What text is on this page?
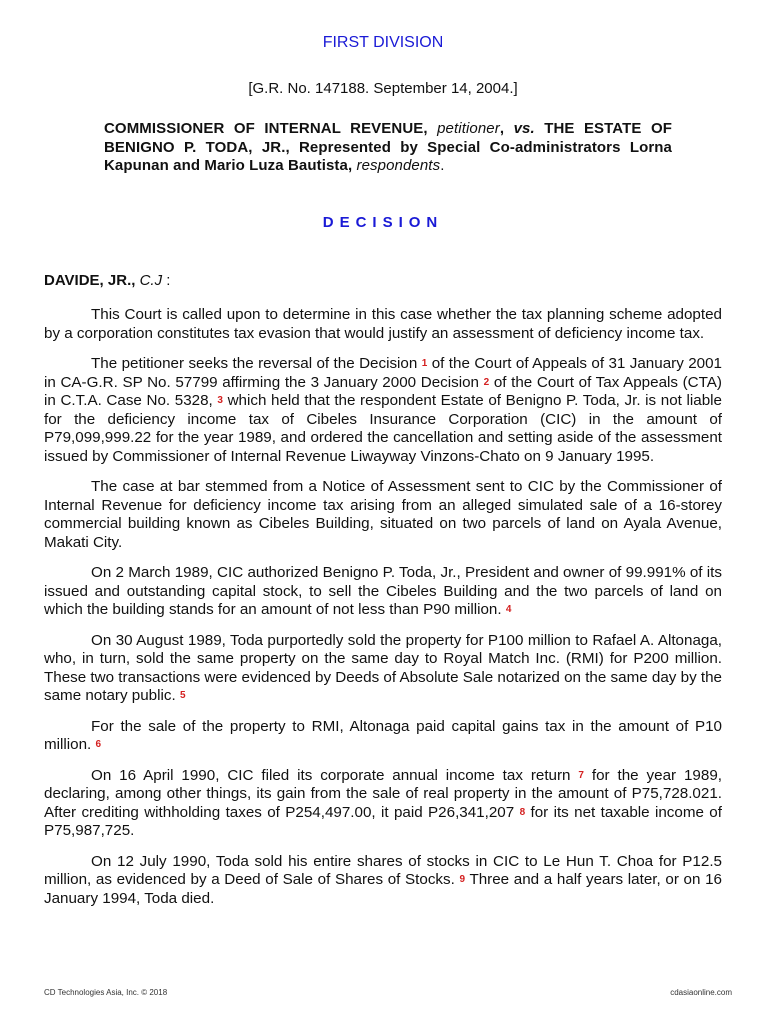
FIRST DIVISION
[G.R. No. 147188. September 14, 2004.]
COMMISSIONER OF INTERNAL REVENUE, petitioner, vs. THE ESTATE OF BENIGNO P. TODA, JR., Represented by Special Co-administrators Lorna Kapunan and Mario Luza Bautista, respondents.
DECISION
DAVIDE, JR., C.J :

This Court is called upon to determine in this case whether the tax planning scheme adopted by a corporation constitutes tax evasion that would justify an assessment of deficiency income tax.

The petitioner seeks the reversal of the Decision 1 of the Court of Appeals of 31 January 2001 in CA-G.R. SP No. 57799 affirming the 3 January 2000 Decision 2 of the Court of Tax Appeals (CTA) in C.T.A. Case No. 5328, 3 which held that the respondent Estate of Benigno P. Toda, Jr. is not liable for the deficiency income tax of Cibeles Insurance Corporation (CIC) in the amount of P79,099,999.22 for the year 1989, and ordered the cancellation and setting aside of the assessment issued by Commissioner of Internal Revenue Liwayway Vinzons-Chato on 9 January 1995.

The case at bar stemmed from a Notice of Assessment sent to CIC by the Commissioner of Internal Revenue for deficiency income tax arising from an alleged simulated sale of a 16-storey commercial building known as Cibeles Building, situated on two parcels of land on Ayala Avenue, Makati City.

On 2 March 1989, CIC authorized Benigno P. Toda, Jr., President and owner of 99.991% of its issued and outstanding capital stock, to sell the Cibeles Building and the two parcels of land on which the building stands for an amount of not less than P90 million. 4

On 30 August 1989, Toda purportedly sold the property for P100 million to Rafael A. Altonaga, who, in turn, sold the same property on the same day to Royal Match Inc. (RMI) for P200 million. These two transactions were evidenced by Deeds of Absolute Sale notarized on the same day by the same notary public. 5

For the sale of the property to RMI, Altonaga paid capital gains tax in the amount of P10 million. 6

On 16 April 1990, CIC filed its corporate annual income tax return 7 for the year 1989, declaring, among other things, its gain from the sale of real property in the amount of P75,728.021. After crediting withholding taxes of P254,497.00, it paid P26,341,207 8 for its net taxable income of P75,987,725.

On 12 July 1990, Toda sold his entire shares of stocks in CIC to Le Hun T. Choa for P12.5 million, as evidenced by a Deed of Sale of Shares of Stocks. 9 Three and a half years later, or on 16 January 1994, Toda died.

CD Technologies Asia, Inc. © 2018	cdasiaonline.com
